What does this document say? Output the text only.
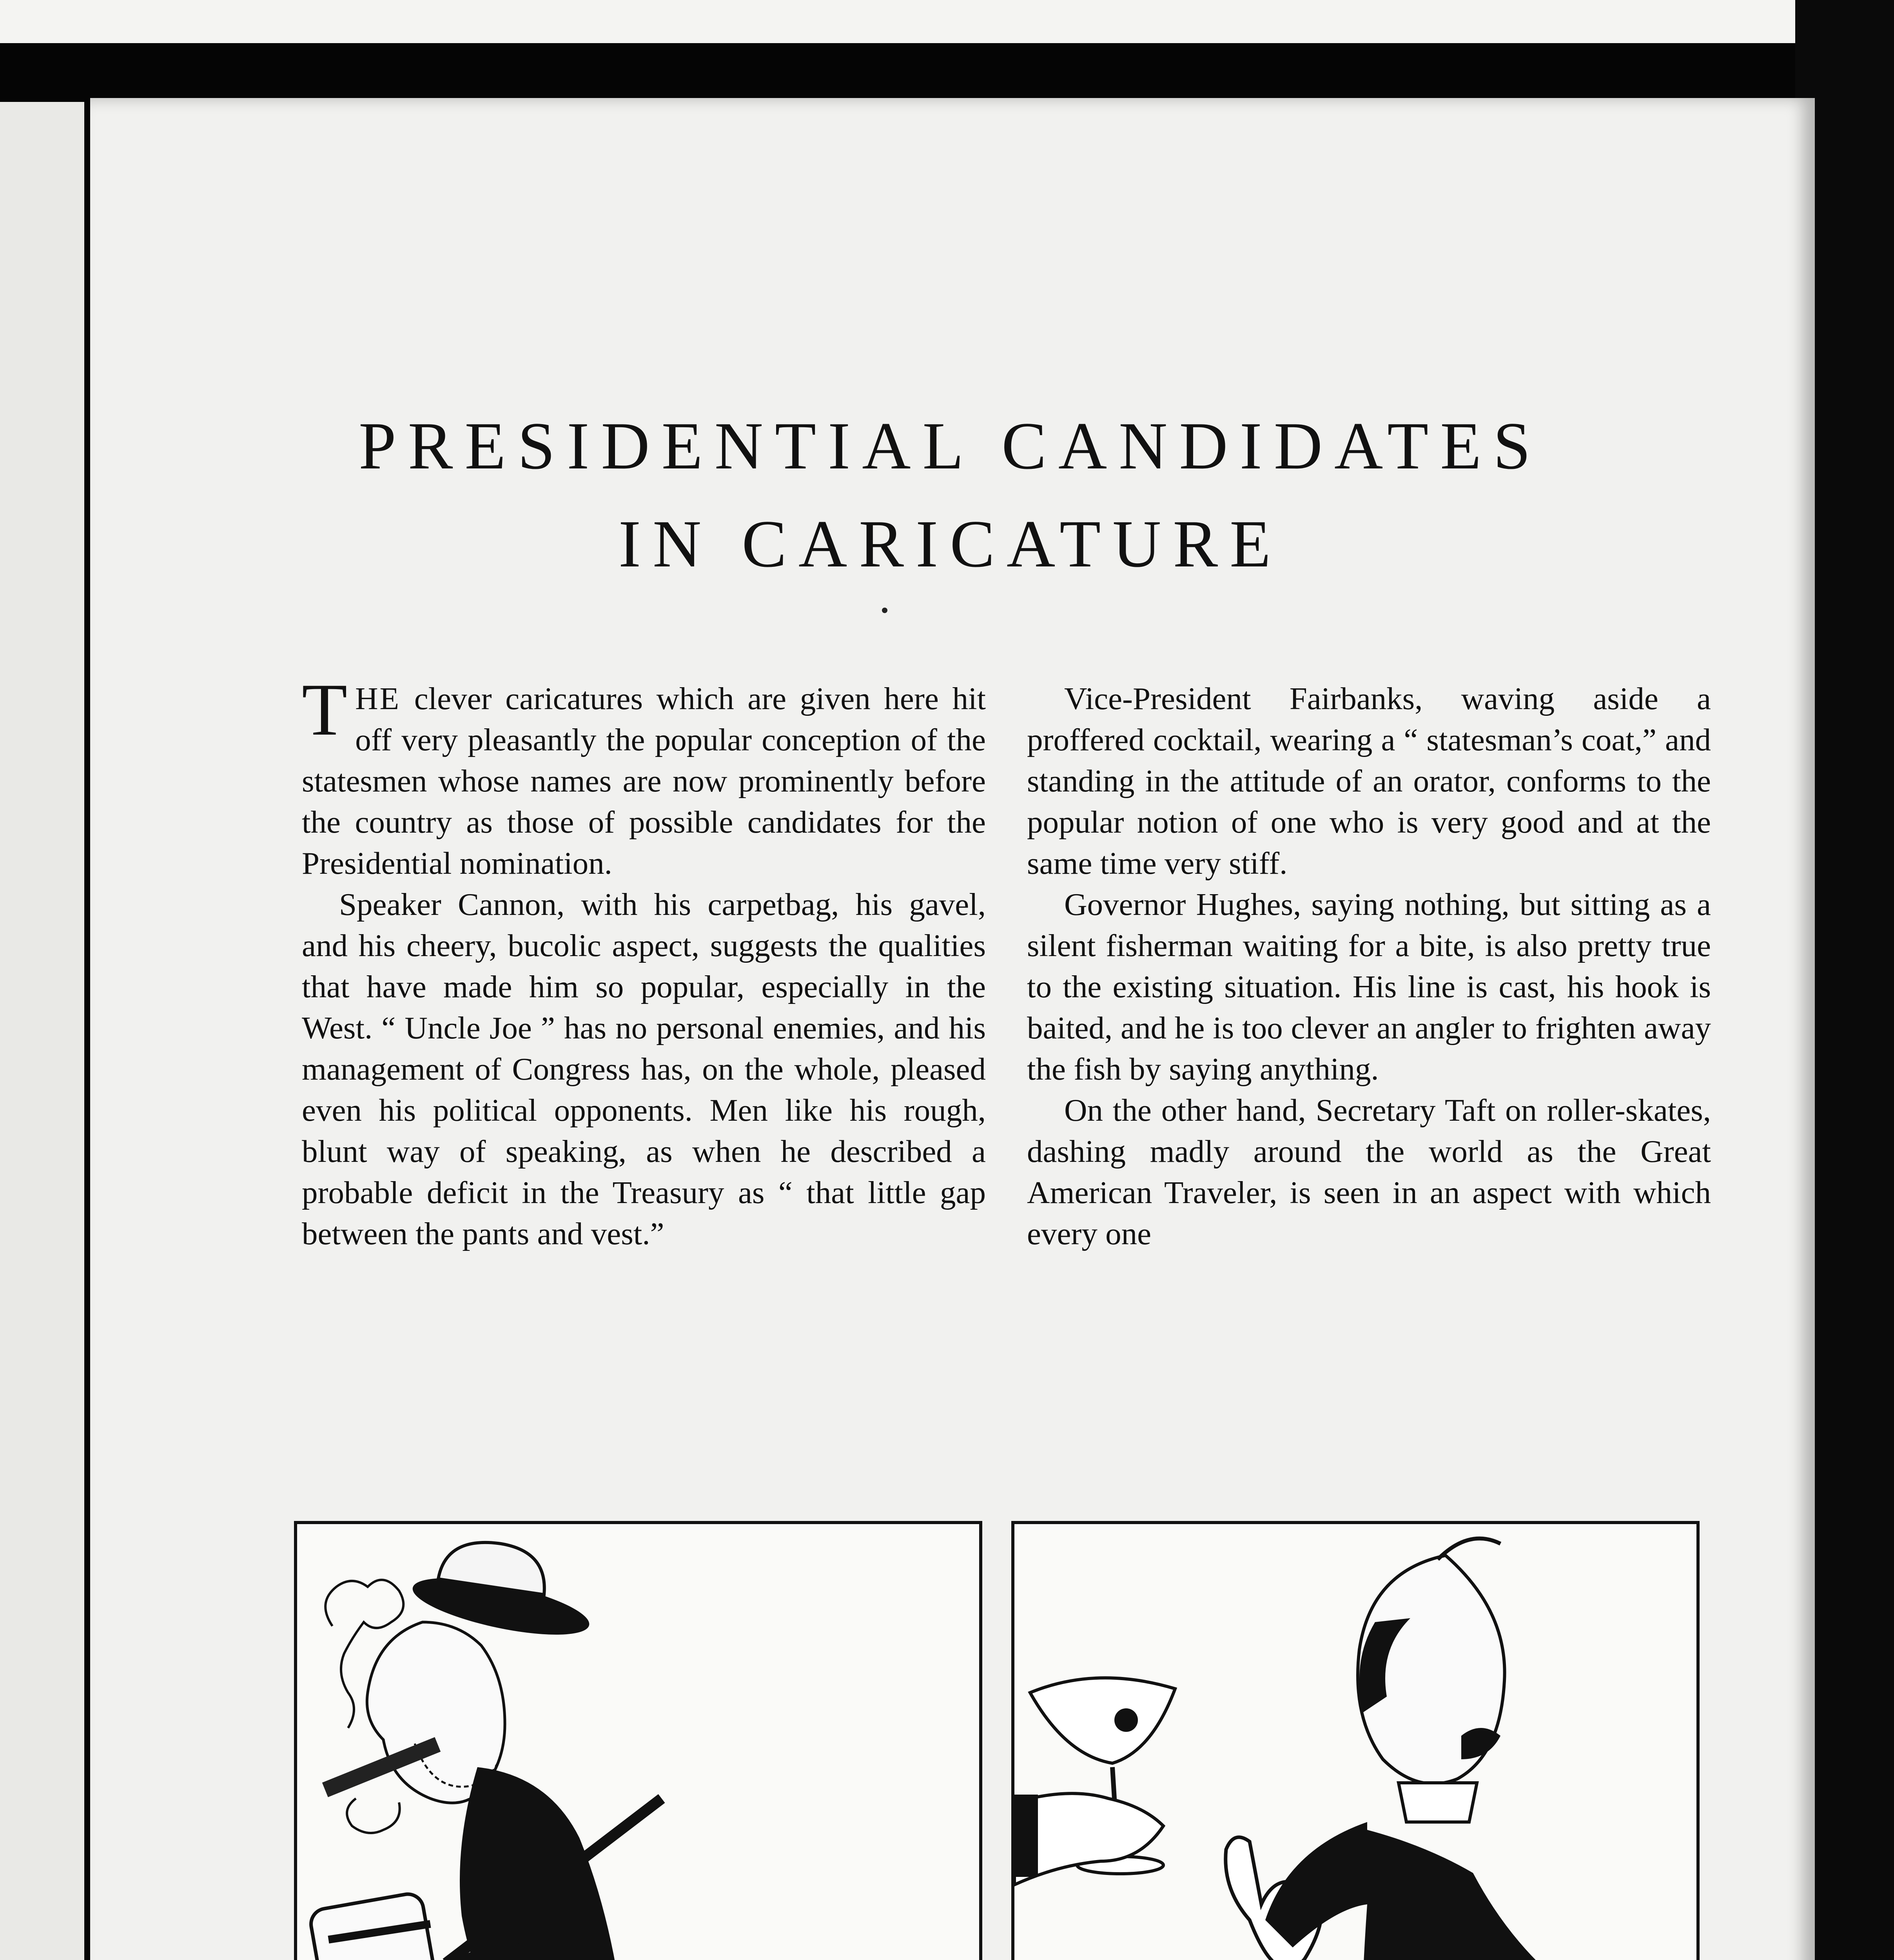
PRESIDENTIAL CANDIDATES
IN CARICATURE

THE clever caricatures which are given here hit off very pleasantly the popular conception of the statesmen whose names are now prominently before the country as those of possible candidates for the Presidential nomination.

Speaker Cannon, with his carpetbag, his gavel, and his cheery, bucolic aspect, suggests the qualities that have made him so popular, especially in the West. “ Uncle Joe ” has no personal enemies, and his management of Congress has, on the whole, pleased even his political opponents. Men like his rough, blunt way of speaking, as when he described a probable deficit in the Treasury as “ that little gap between the pants and vest.”

Vice-President Fairbanks, waving aside a proffered cocktail, wearing a “ statesman’s coat,” and standing in the attitude of an orator, conforms to the popular notion of one who is very good and at the same time very stiff.

Governor Hughes, saying nothing, but sitting as a silent fisherman waiting for a bite, is also pretty true to the existing situation. His line is cast, his hook is baited, and he is too clever an angler to frighten away the fish by saying anything.

On the other hand, Secretary Taft on roller-skates, dashing madly around the world as the Great American Traveler, is seen in an aspect with which every one
